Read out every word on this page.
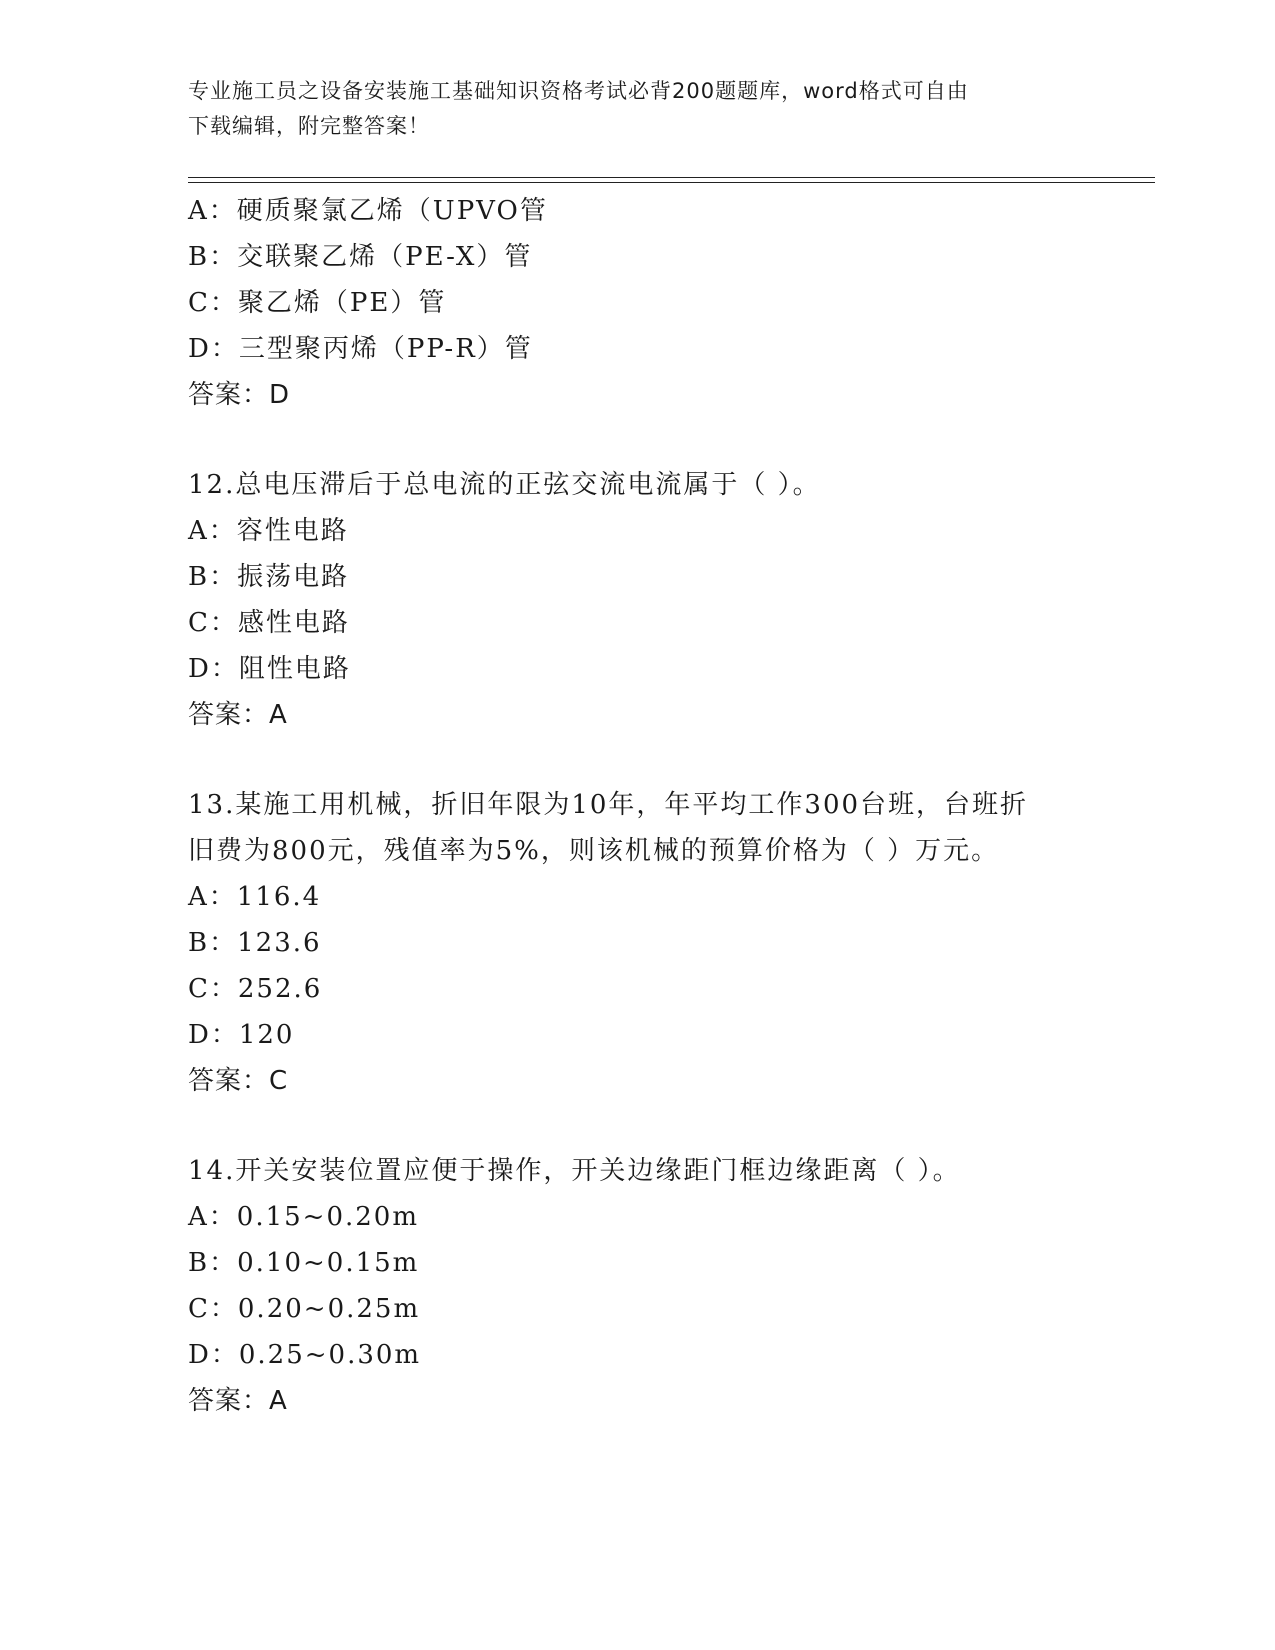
专业施工员之设备安装施工基础知识资格考试必背200题题库，word格式可自由
下载编辑，附完整答案！
A：硬质聚氯乙烯（UPVO管
B：交联聚乙烯（PE-X）管
C：聚乙烯（PE）管
D：三型聚丙烯（PP-R）管
答案：D
12.总电压滞后于总电流的正弦交流电流属于（ ）。
A：容性电路
B：振荡电路
C：感性电路
D：阻性电路
答案：A
13.某施工用机械，折旧年限为10年，年平均工作300台班，台班折
旧费为800元，残值率为5%，则该机械的预算价格为（ ）万元。
A：116.4
B：123.6
C：252.6
D：120
答案：C
14.开关安装位置应便于操作，开关边缘距门框边缘距离（ ）。
A：0.15~0.20m
B：0.10~0.15m
C：0.20~0.25m
D：0.25~0.30m
答案：A
